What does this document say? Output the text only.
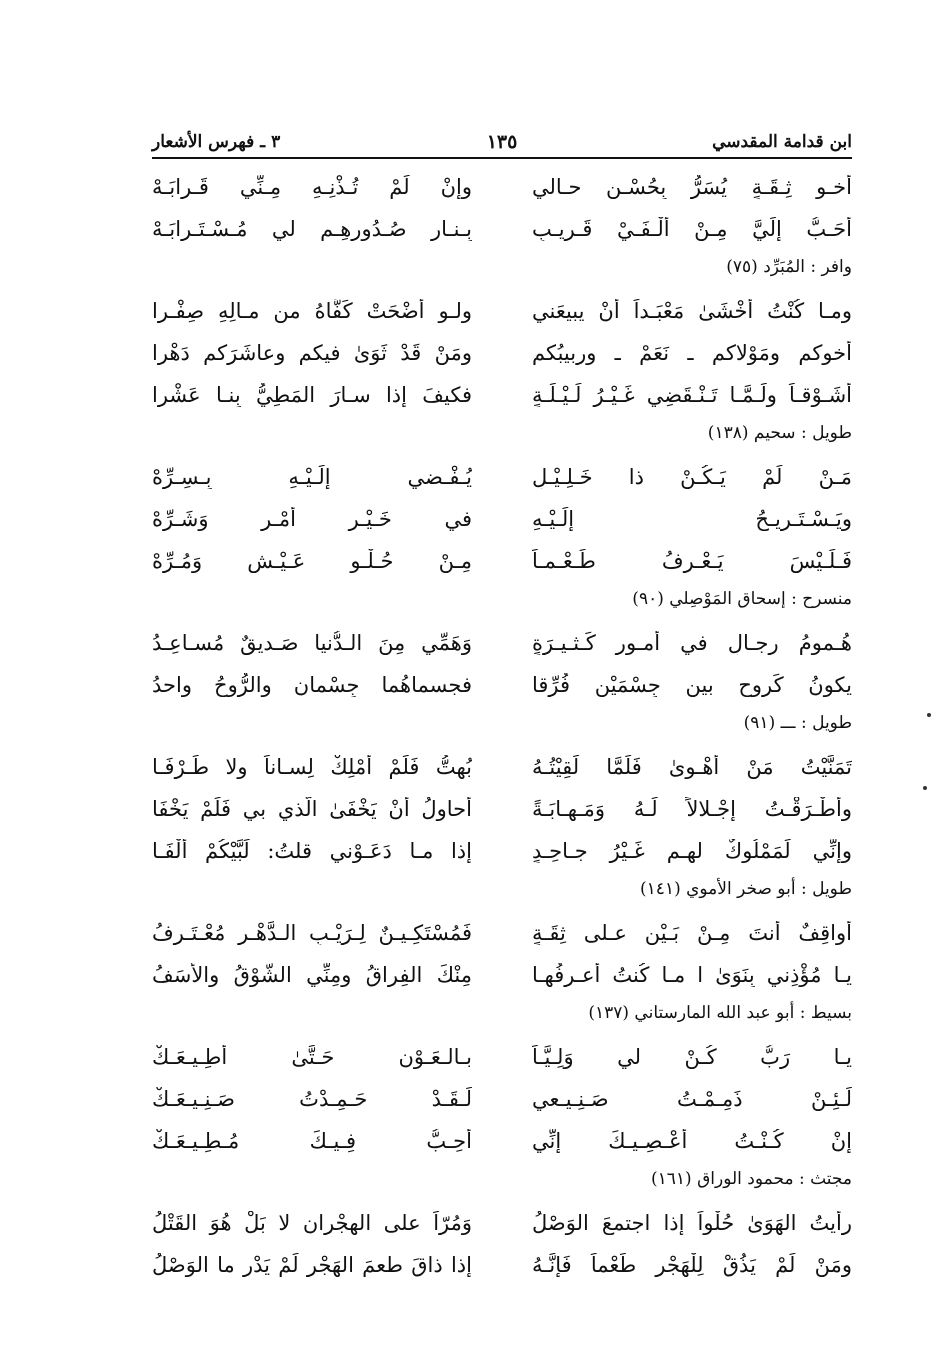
ابن قدامة المقدسي
١٣٥
٣ ـ فهرس الأشعار
أخـو ثِـقَـةٍ يُسَرُّ بِحُسْـنِ حـالي
وإنْ لَمْ تُـذْنِـهِ مِـنِّي قَـرابَـهْ
أَحَـبُّ إِلَيَّ مِـنْ أَلْـفَـيْ قَـريـبٍ
بِـنـارِ صُـدُورِهِـم لي مُـسْـتَـرابَـهْ
وافر : المُبَرِّد (٧٥)
ومـا كُنْتُ أَخْشَىٰ مَعْبَـداً أَنْ يبيعَني
ولـو أَضْحَتْ كَفَّاهُ من مـالِهِ صِفْـرا
أخوكم ومَوْلاكم ـ نَعَمْ ـ وربيبُكم
ومَنْ قَدْ ثَوَىٰ فيكم وعاشَرَكم دَهْرا
أَشَـوْقـاً ولَـمَّـا تَـنْـقَضِي غَـيْـرُ لَـيْـلَـةٍ
فكيفَ إذا سـارَ المَطِيُّ بِنـا عَشْرا
طويل : سحيم (١٣٨)
مَـنْ لَمْ يَـكُـنْ ذا خَـلِـيْـلٍ
يُـفْـضي إِلَـيْـهِ بِـسِـرِّهْ
ويَـسْـتَـريـحُ إِلَـيْـهِ
في خَـيْـرِ أَمْـرٍ وَشَـرِّهْ
فَـلَـيْسَ يَـعْـرِفُ طَـعْـمـاً
مِـنْ حُـلْـوِ عَـيْـشٍ وَمُـرِّهْ
منسرح : إسحاق المَوْصِلي (٩٠)
هُـمومُ رِجـالٍ في أمـورٍ كَـثـيـرَةٍ
وَهَمِّي مِنَ الـدُّنيا صَـديقٌ مُسـاعِـدُ
يكونُ كَروحٍ بين جِسْمَيْنِ فُرِّقا
فجسماهُما جِسْمانِ والرُّوحُ واحدُ
طويل : ـــ (٩١)
تَمَنَّيْتُ مَنْ أَهْـوىٰ فَلَمَّا لَقِيْتُـهُ
بُهِتُّ فَلَمْ أَمْلِكْ لِسـاناً ولا طَـرْفَـا
وأَطْـرَقْـتُ إِجْـلالاً لَـهُ وَمَـهـابَـةً
أُحاوِلُ أَنْ يَخْفَىٰ الَّذي بي فَلَمْ يَخْفَا
وإنِّي لَمَمْلُوكٌ لهـم غَـيْرُ جـاحِـدٍ
إذا مـا دَعَـوْني قلتُ: لَبَّيْكُمْ أَلْفَـا
طويل : أبو صخر الأموي (١٤١)
أواقِفٌ أنتَ مِـنْ بَـيْنٍ عـلى ثِقَـةٍ
فَمُسْتَكِـيـنٌ لِـرَيْـبِ الـدَّهْـرِ مُعْـتَـرِفُ
يـا مُؤْذِني بِنَوَىٰ ا مـا كُنتُ أعـرفُهـا
مِنْكَ الفِراقُ ومِنِّي الشَّوْقُ والأَسَفُ
بسيط : أبو عبد الله المارستاني (١٣٧)
يـا رَبُّ كُـنْ لي وَلِـيَّـاً
بـالـعَـوْنِ حَـتَّىٰ أُطِـيـعَـكْ
لَـئِـنْ ذَمِـمْـتُ صَـنِـيـعي
لَـقَـدْ حَـمِـدْتُ صَـنِـيـعَـكْ
إنْ كُـنْـتُ أَعْـصِـيـكَ إنِّي
أُحِـبُّ فِـيـكَ مُـطِـيـعَـكْ
مجتث : محمود الوراق (١٦١)
رأيتُ الهَوَىٰ حُلْواً إذا اجتمعَ الوَصْلُ
وَمُرّاً على الهِجْرانِ لا بَلْ هُوَ القَتْلُ
ومَنْ لَمْ يَذُقْ لِلْهَجْرِ طَعْماً فَإنَّـهُ
إذا ذاقَ طعمَ الهَجْرِ لَمْ يَدْرِ ما الوَصْلُ
